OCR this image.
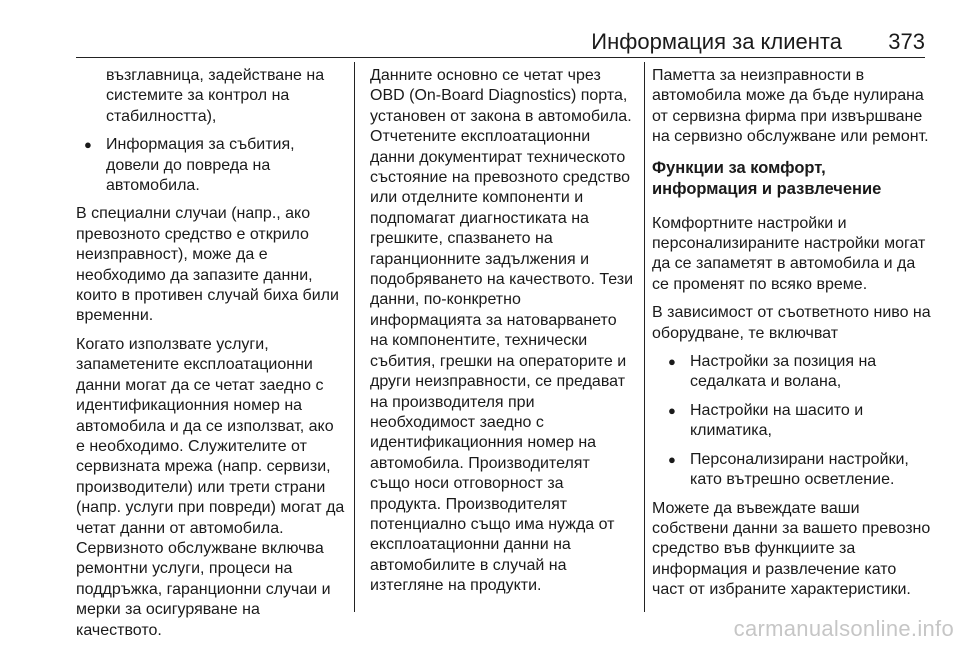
Информация за клиента 373
възглавница, задействане на системите за контрол на стабилността),
● Информация за събития, довели до повреда на автомобила.

В специални случаи (напр., ако превозното средство е открило неизправност), може да е необходимо да запазите данни, които в противен случай биха били временни.

Когато използвате услуги, запаметените експлоатационни данни могат да се четат заедно с идентификационния номер на автомобила и да се използват, ако е необходимо. Служителите от сервизната мрежа (напр. сервизи, производители) или трети страни (напр. услуги при повреди) могат да четат данни от автомобила. Сервизното обслужване включва ремонтни услуги, процеси на поддръжка, гаранционни случаи и мерки за осигуряване на качеството.

Данните основно се четат чрез OBD (On-Board Diagnostics) порта, установен от закона в автомобила. Отчетените експлоатационни данни документират техническото състояние на превозното средство или отделните компоненти и подпомагат диагностиката на грешките, спазването на гаранционните задължения и подобряването на качеството. Тези данни, по-конкретно информацията за натоварването на компонентите, технически събития, грешки на операторите и други неизправности, се предават на производителя при необходимост заедно с идентификационния номер на автомобила. Производителят също носи отговорност за продукта. Производителят потенциално също има нужда от експлоатационни данни на автомобилите в случай на изтегляне на продукти.

Паметта за неизправности в автомобила може да бъде нулирана от сервизна фирма при извършване на сервизно обслужване или ремонт.

Функции за комфорт, информация и развлечение

Комфортните настройки и персонализираните настройки могат да се запаметят в автомобила и да се променят по всяко време.

В зависимост от съответното ниво на оборудване, те включват

● Настройки за позиция на седалката и волана,
● Настройки на шасито и климатика,
● Персонализирани настройки, като вътрешно осветление.

Можете да въвеждате ваши собствени данни за вашето превозно средство във функциите за информация и развлечение като част от избраните характеристики.

carmanualsonline.info
